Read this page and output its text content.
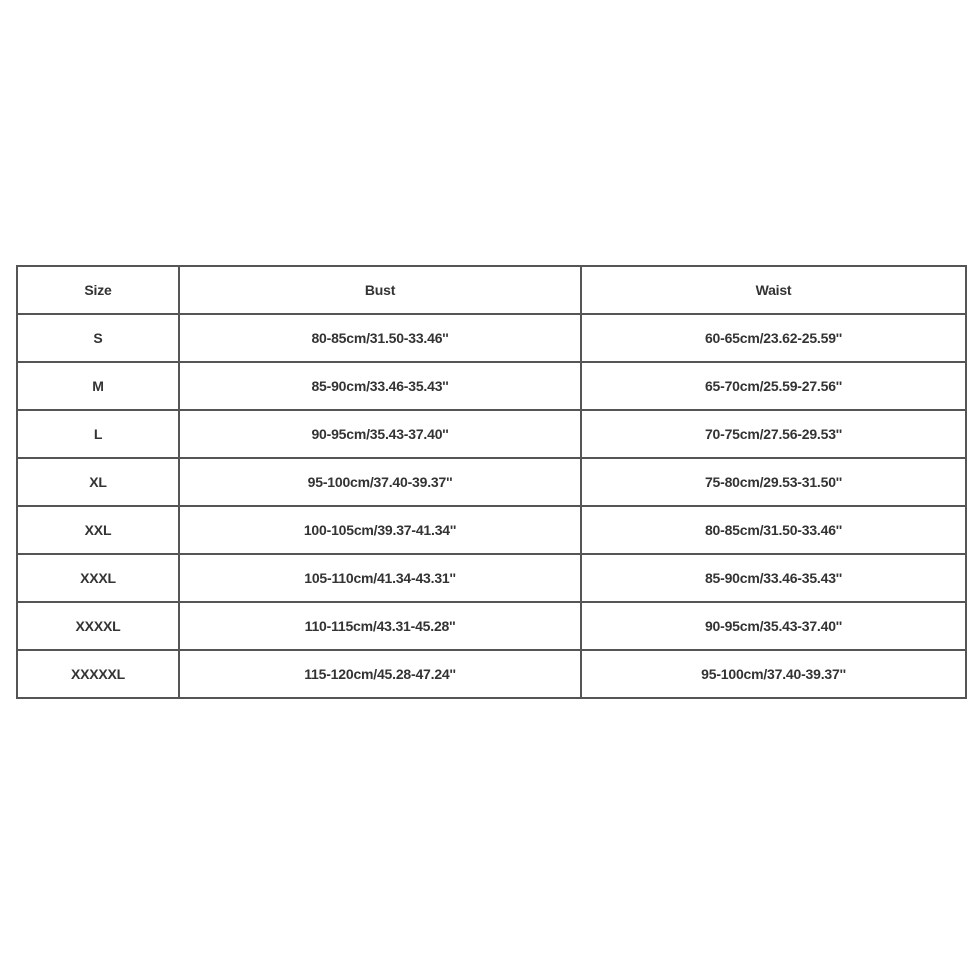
Size	Bust	Waist
S	80-85cm/31.50-33.46''	60-65cm/23.62-25.59''
M	85-90cm/33.46-35.43''	65-70cm/25.59-27.56''
L	90-95cm/35.43-37.40''	70-75cm/27.56-29.53''
XL	95-100cm/37.40-39.37''	75-80cm/29.53-31.50''
XXL	100-105cm/39.37-41.34''	80-85cm/31.50-33.46''
XXXL	105-110cm/41.34-43.31''	85-90cm/33.46-35.43''
XXXXL	110-115cm/43.31-45.28''	90-95cm/35.43-37.40''
XXXXXL	115-120cm/45.28-47.24''	95-100cm/37.40-39.37''
